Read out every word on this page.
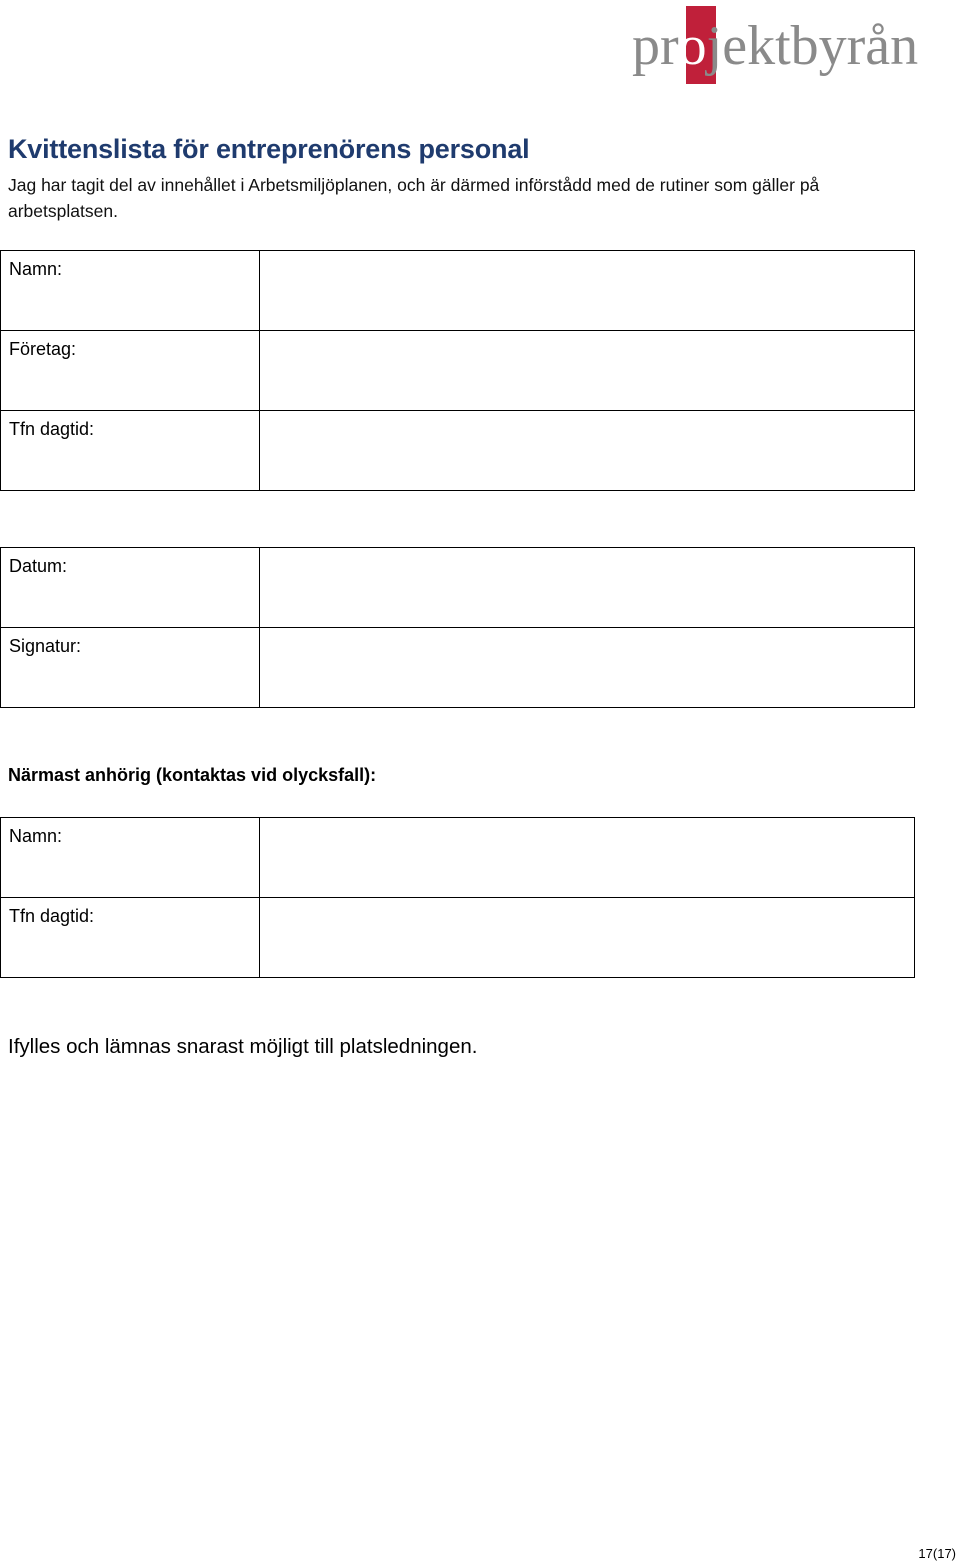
projektbyrån
Kvittenslista för entreprenörens personal
Jag har tagit del av innehållet i Arbetsmiljöplanen, och är därmed införstådd med de rutiner som gäller på arbetsplatsen.
Namn:	
Företag:	
Tfn dagtid:	
Datum:	
Signatur:	
Närmast anhörig (kontaktas vid olycksfall):
Namn:	
Tfn dagtid:	
Ifylles och lämnas snarast möjligt till platsledningen.
17(17)
